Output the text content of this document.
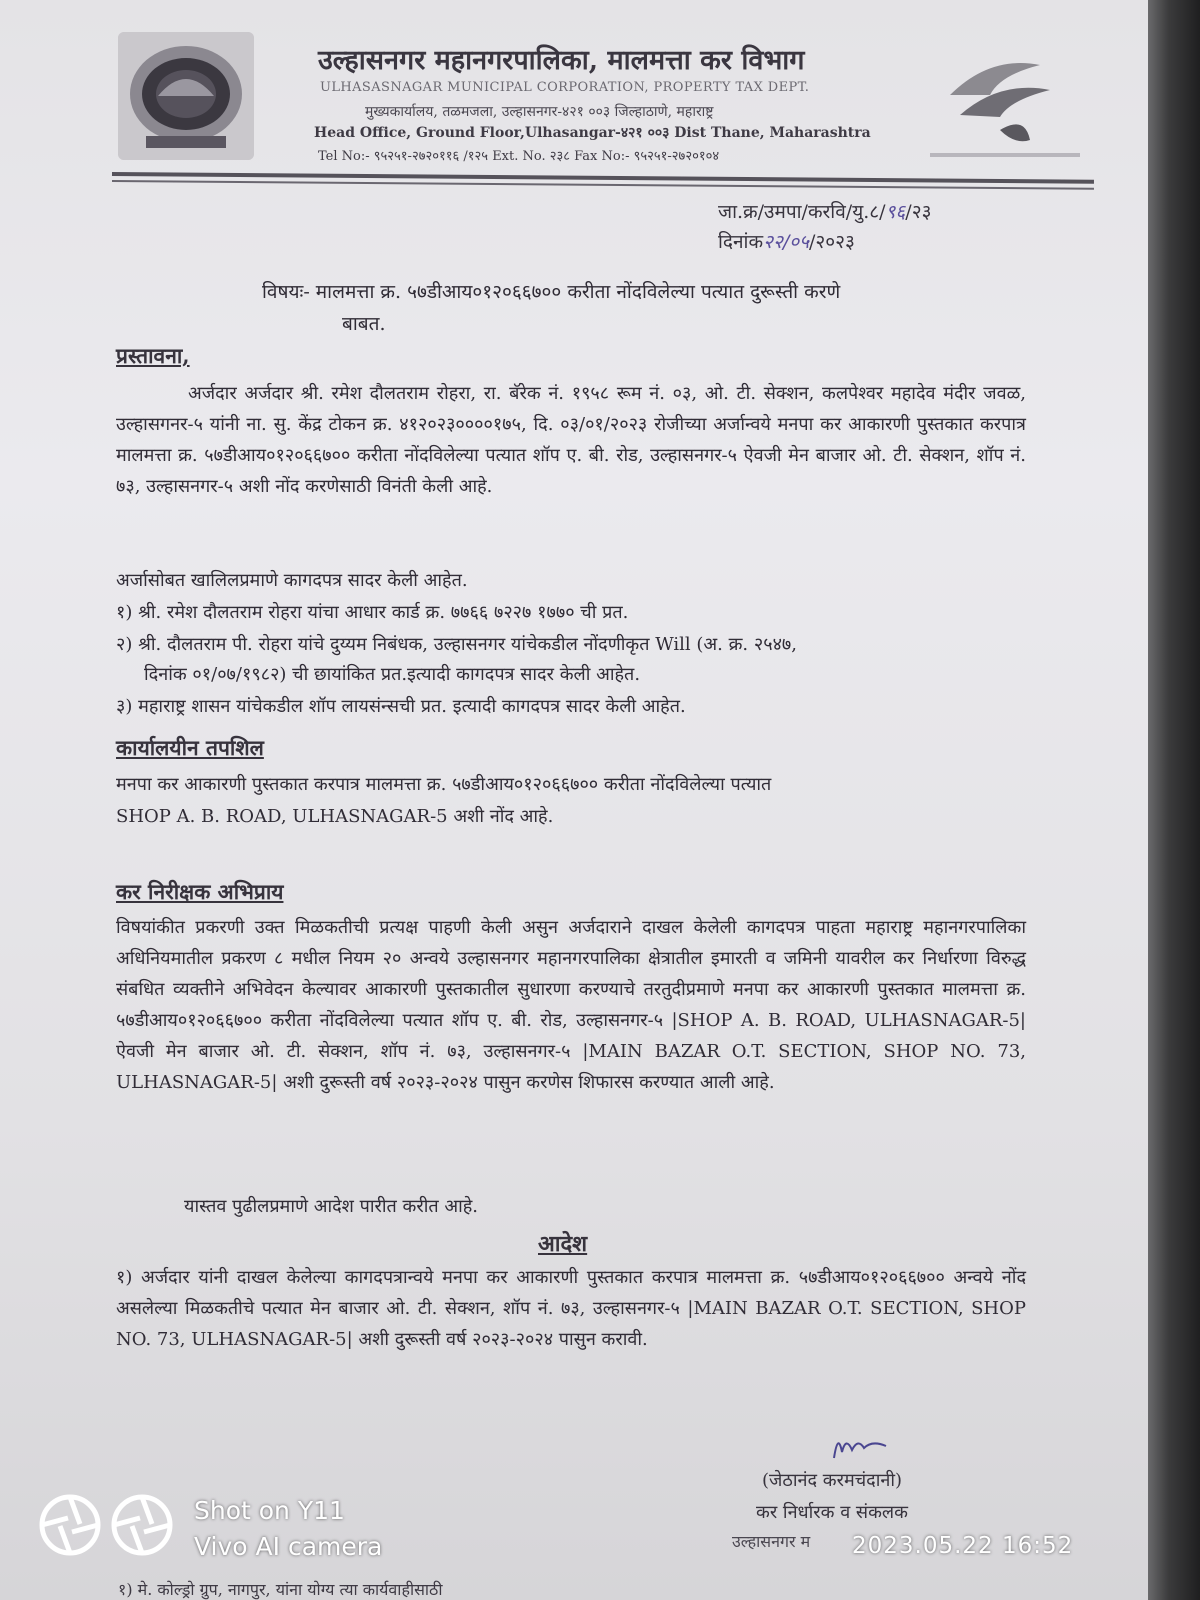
उल्हासनगर महानगरपालिका, मालमत्ता कर विभाग
ULHASASNAGAR MUNICIPAL CORPORATION, PROPERTY TAX DEPT.
मुख्यकार्यालय, तळमजला, उल्हासनगर-४२१ ००३ जिल्हाठाणे, महाराष्ट्र
Head Office, Ground Floor,Ulhasangar-४२१ ००३ Dist Thane, Maharashtra
Tel No:- ९५२५१-२७२०११६ /१२५ Ext. No. २३८ Fax No:- ९५२५१-२७२०१०४
जा.क्र/उमपा/करवि/यु.८/९६/२३
दिनांक२२/०५/२०२३
विषयः- मालमत्ता क्र. ५७डीआय०१२०६६७०० करीता नोंदविलेल्या पत्यात दुरूस्ती करणे
बाबत.
प्रस्तावना,
अर्जदार अर्जदार श्री. रमेश दौलतराम रोहरा, रा. बॅरेक नं. १९५८ रूम नं. ०३, ओ. टी. सेक्शन, कलपेश्वर महादेव मंदीर जवळ, उल्हासगनर-५ यांनी ना. सु. केंद्र टोकन क्र. ४१२०२३००००१७५, दि. ०३/०१/२०२३ रोजीच्या अर्जान्वये मनपा कर आकारणी पुस्तकात करपात्र मालमत्ता क्र. ५७डीआय०१२०६६७०० करीता नोंदविलेल्या पत्यात शॉप ए. बी. रोड, उल्हासनगर-५ ऐवजी मेन बाजार ओ. टी. सेक्शन, शॉप नं. ७३, उल्हासनगर-५ अशी नोंद करणेसाठी विनंती केली आहे.
अर्जासोबत खालिलप्रमाणे कागदपत्र सादर केली आहेत.
१) श्री. रमेश दौलतराम रोहरा यांचा आधार कार्ड क्र. ७७६६ ७२२७ १७७० ची प्रत.
२) श्री. दौलतराम पी. रोहरा यांचे दुय्यम निबंधक, उल्हासनगर यांचेकडील नोंदणीकृत Will (अ. क्र. २५४७,
दिनांक ०१/०७/१९८२) ची छायांकित प्रत.इत्यादी कागदपत्र सादर केली आहेत.
३) महाराष्ट्र शासन यांचेकडील शॉप लायसंन्सची प्रत. इत्यादी कागदपत्र सादर केली आहेत.
कार्यालयीन तपशिल
मनपा कर आकारणी पुस्तकात करपात्र मालमत्ता क्र. ५७डीआय०१२०६६७०० करीता नोंदविलेल्या पत्यात
SHOP A. B. ROAD, ULHASNAGAR-5 अशी नोंद आहे.
कर निरीक्षक अभिप्राय
विषयांकीत प्रकरणी उक्त मिळकतीची प्रत्यक्ष पाहणी केली असुन अर्जदाराने दाखल केलेली कागदपत्र पाहता महाराष्ट्र महानगरपालिका अधिनियमातील प्रकरण ८ मधील नियम २० अन्वये उल्हासनगर महानगरपालिका क्षेत्रातील इमारती व जमिनी यावरील कर निर्धारणा विरुद्ध संबधित व्यक्तीने अभिवेदन केल्यावर आकारणी पुस्तकातील सुधारणा करण्याचे तरतुदीप्रमाणे मनपा कर आकारणी पुस्तकात मालमत्ता क्र. ५७डीआय०१२०६६७०० करीता नोंदविलेल्या पत्यात शॉप ए. बी. रोड, उल्हासनगर-५ |SHOP A. B. ROAD, ULHASNAGAR-5| ऐवजी मेन बाजार ओ. टी. सेक्शन, शॉप नं. ७३, उल्हासनगर-५ |MAIN BAZAR O.T. SECTION, SHOP NO. 73, ULHASNAGAR-5| अशी दुरूस्ती वर्ष २०२३-२०२४ पासुन करणेस शिफारस करण्यात आली आहे.
यास्तव पुढीलप्रमाणे आदेश पारीत करीत आहे.
आदेश
१) अर्जदार यांनी दाखल केलेल्या कागदपत्रान्वये मनपा कर आकारणी पुस्तकात करपात्र मालमत्ता क्र. ५७डीआय०१२०६६७०० अन्वये नोंद असलेल्या मिळकतीचे पत्यात मेन बाजार ओ. टी. सेक्शन, शॉप नं. ७३, उल्हासनगर-५ |MAIN BAZAR O.T. SECTION, SHOP NO. 73, ULHASNAGAR-5| अशी दुरूस्ती वर्ष २०२३-२०२४ पासुन करावी.
(जेठानंद करमचंदानी)
कर निर्धारक व संकलक
उल्हासनगर म
१) मे. कोल्ड्रो ग्रुप, नागपुर, यांना योग्य त्या कार्यवाहीसाठी
Shot on Y11
Vivo AI camera	2023.05.22 16:52
